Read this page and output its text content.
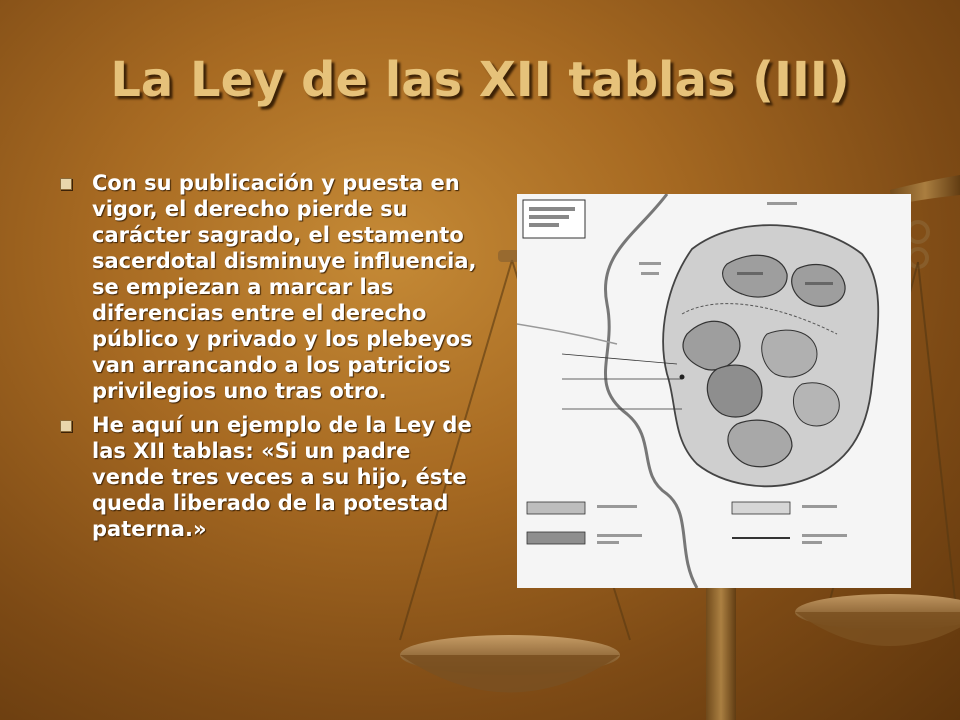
La Ley de las XII tablas (III)
Con su publicación y puesta en vigor, el derecho pierde su carácter sagrado, el estamento sacerdotal disminuye influencia, se empiezan a marcar las diferencias entre el derecho público y privado y los plebeyos van arrancando a los patricios privilegios uno tras otro.
He aquí un ejemplo de la Ley de las XII tablas: «Si un padre vende tres veces a su hijo, éste queda liberado de la potestad paterna.»
